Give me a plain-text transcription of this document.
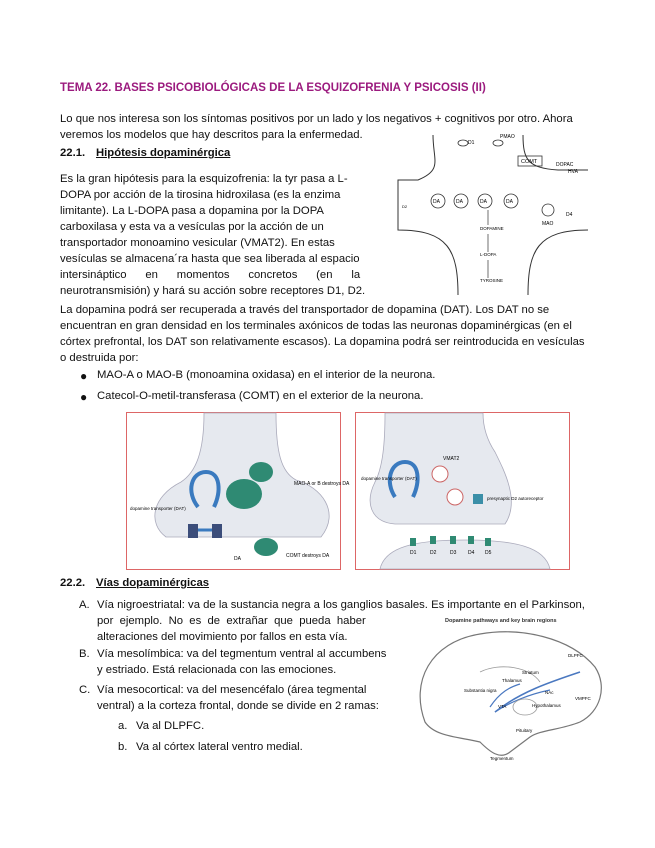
TEMA 22. BASES PSICOBIOLÓGICAS DE LA ESQUIZOFRENIA Y PSICOSIS (II)
Lo que nos interesa son los síntomas positivos por un lado y los negativos + cognitivos por otro. Ahora
veremos los modelos que hay descritos para la enfermedad.
22.1. Hipótesis dopaminérgica
Es la gran hipótesis para la esquizofrenia: la tyr pasa a L-
DOPA por acción de la tirosina hidroxilasa (es la enzima
limitante). La L-DOPA pasa a dopamina por la DOPA
carboxilasa y esta va a vesículas por la acción de un
transportador monoamino vesicular (VMAT2). En estas
vesículas se almacena´ra hasta que sea liberada al espacio
intersináptico      en      momentos      concretos      (en      la
neurotransmisión) y hará su acción sobre receptores D1, D2.
D1
PMAO
COMT
HVA
DOPAC
DA	DA	DA	DA
MAO
D4
D2
DOPAMINE
L-DOPA
TYROSINE
La dopamina podrá ser recuperada a través del transportador de dopamina (DAT). Los DAT no se
encuentran en gran densidad en los terminales axónicos de todas las neuronas dopaminérgicas (en el
córtex prefrontal, los DAT son relativamente escasos). La dopamina podrá ser reintroducida en vesículas
o destruida por:
● MAO-A o MAO-B (monoamina oxidasa) en el interior de la neurona.
● Catecol-O-metil-transferasa (COMT) en el exterior de la neurona.
MAO-A or B destroys DA
dopamine transporter (DAT)
COMT destroys DA
DA
VMAT2
dopamine transporter (DAT)
presynaptic D2 autoreceptor
D1	D2	D3 D4 D5
22.2. Vías dopaminérgicas
A. Vía nigroestriatal: va de la sustancia negra a los ganglios basales. Es importante en el Parkinson,
por  ejemplo.  No  es  de  extrañar  que  pueda  haber
alteraciones del movimiento por fallos en esta vía.
B. Vía mesolímbica: va del tegmentum ventral al accumbens
y estriado. Está relacionada con las emociones.
C. Vía mesocortical: va del mesencéfalo (área tegmental
ventral) a la corteza frontal, donde se divide en 2 ramas:
a. Va al DLPFC.
b. Va al córtex lateral ventro medial.
Dopamine pathways and key brain regions
DLPFC
Striatum
Thalamus
Substantia nigra	NAc
Hypothalamus
VTA
Pituitary
Tegmentum
VMPFC
